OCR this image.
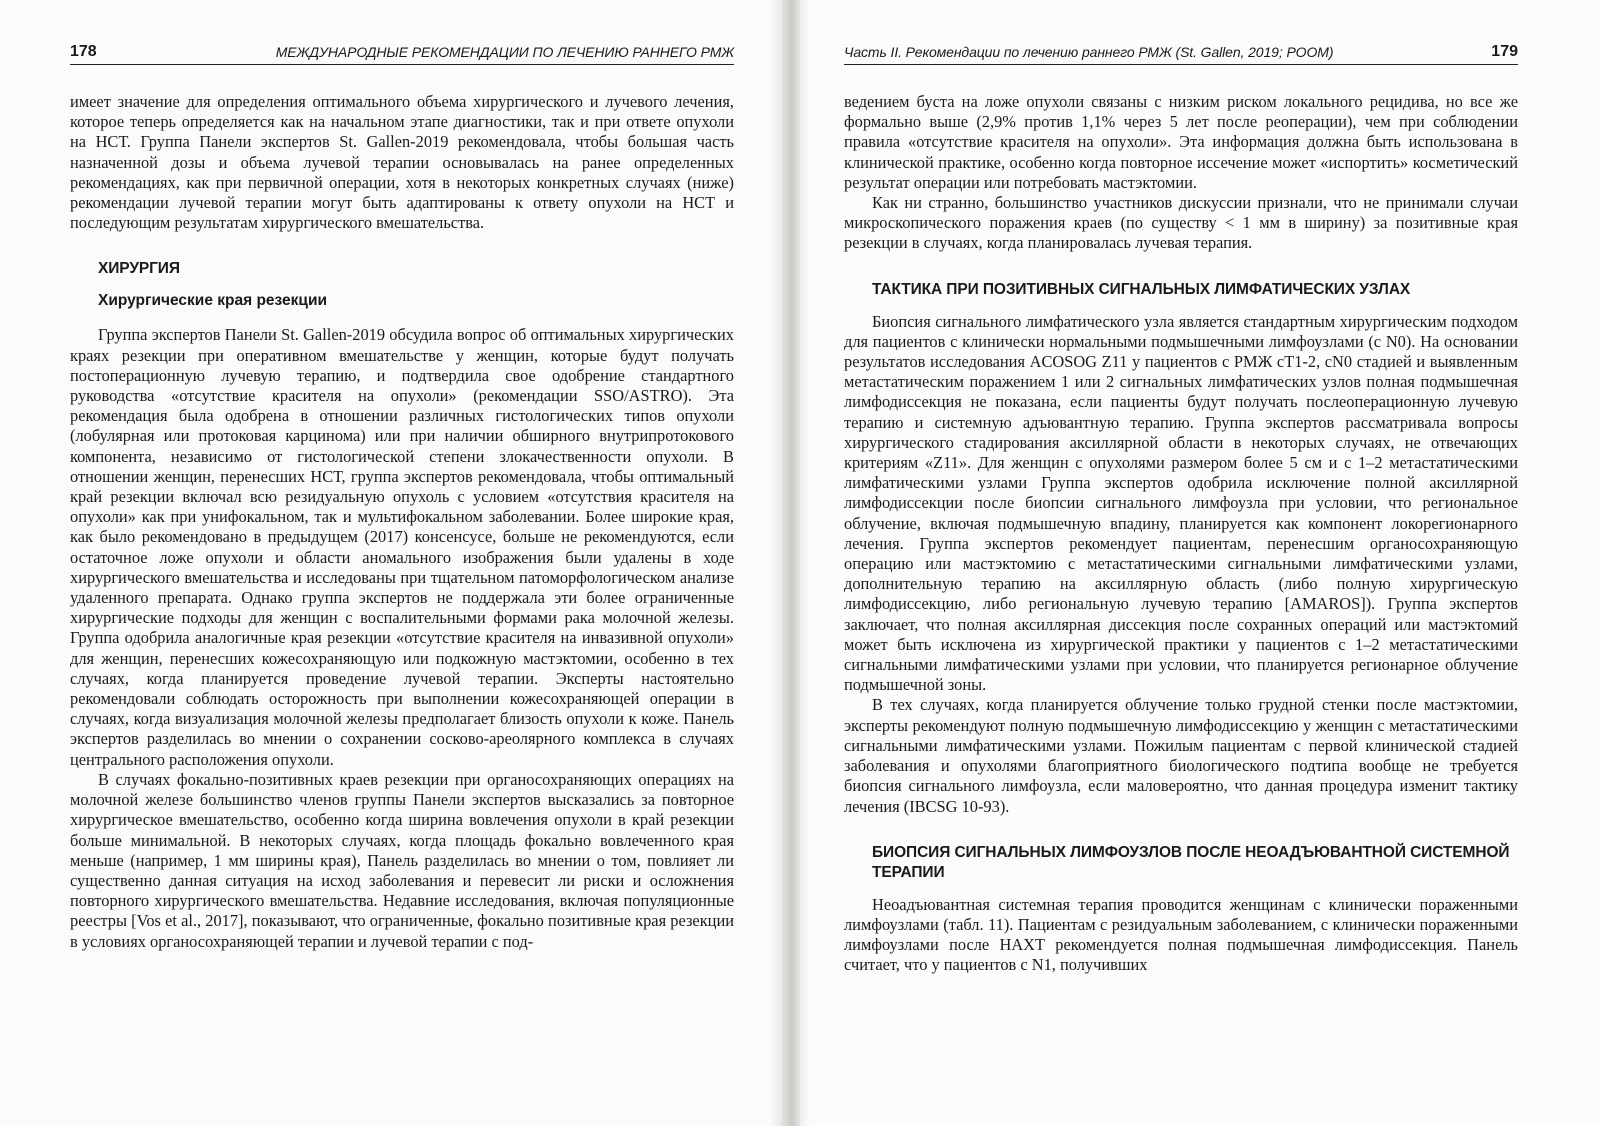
178	МЕЖДУНАРОДНЫЕ РЕКОМЕНДАЦИИ ПО ЛЕЧЕНИЮ РАННЕГО РМЖ

имеет значение для определения оптимального объема хирургического и лучевого лечения, которое теперь определяется как на начальном этапе диагностики, так и при ответе опухоли на НСТ. Группа Панели экспертов St. Gallen-2019 рекомендовала, чтобы большая часть назначенной дозы и объема лучевой терапии основывалась на ранее определенных рекомендациях, как при первичной операции, хотя в некоторых конкретных случаях (ниже) рекомендации лучевой терапии могут быть адаптированы к ответу опухоли на НСТ и последующим результатам хирургического вмешательства.

ХИРУРГИЯ
Хирургические края резекции

Группа экспертов Панели St. Gallen-2019 обсудила вопрос об оптимальных хирургических краях резекции при оперативном вмешательстве у женщин, которые будут получать постоперационную лучевую терапию, и подтвердила свое одобрение стандартного руководства «отсутствие красителя на опухоли» (рекомендации SSO/ASTRO). Эта рекомендация была одобрена в отношении различных гистологических типов опухоли (лобулярная или протоковая карцинома) или при наличии обширного внутрипротокового компонента, независимо от гистологической степени злокачественности опухоли. В отношении женщин, перенесших НСТ, группа экспертов рекомендовала, чтобы оптимальный край резекции включал всю резидуальную опухоль с условием «отсутствия красителя на опухоли» как при унифокальном, так и мультифокальном заболевании. Более широкие края, как было рекомендовано в предыдущем (2017) консенсусе, больше не рекомендуются, если остаточное ложе опухоли и области аномального изображения были удалены в ходе хирургического вмешательства и исследованы при тщательном патоморфологическом анализе удаленного препарата. Однако группа экспертов не поддержала эти более ограниченные хирургические подходы для женщин с воспалительными формами рака молочной железы. Группа одобрила аналогичные края резекции «отсутствие красителя на инвазивной опухоли» для женщин, перенесших кожесохраняющую или подкожную мастэктомии, особенно в тех случаях, когда планируется проведение лучевой терапии. Эксперты настоятельно рекомендовали соблюдать осторожность при выполнении кожесохраняющей операции в случаях, когда визуализация молочной железы предполагает близость опухоли к коже. Панель экспертов разделилась во мнении о сохранении сосково-ареолярного комплекса в случаях центрального расположения опухоли.

В случаях фокально-позитивных краев резекции при органосохраняющих операциях на молочной железе большинство членов группы Панели экспертов высказались за повторное хирургическое вмешательство, особенно когда ширина вовлечения опухоли в край резекции больше минимальной. В некоторых случаях, когда площадь фокально вовлеченного края меньше (например, 1 мм ширины края), Панель разделилась во мнении о том, повлияет ли существенно данная ситуация на исход заболевания и перевесит ли риски и осложнения повторного хирургического вмешательства. Недавние исследования, включая популяционные реестры [Vos et al., 2017], показывают, что ограниченные, фокально позитивные края резекции в условиях органосохраняющей терапии и лучевой терапии с под-

Часть II. Рекомендации по лечению раннего РМЖ (St. Gallen, 2019; РООМ)	179

ведением буста на ложе опухоли связаны с низким риском локального рецидива, но все же формально выше (2,9% против 1,1% через 5 лет после реоперации), чем при соблюдении правила «отсутствие красителя на опухоли». Эта информация должна быть использована в клинической практике, особенно когда повторное иссечение может «испортить» косметический результат операции или потребовать мастэктомии.

Как ни странно, большинство участников дискуссии признали, что не принимали случаи микроскопического поражения краев (по существу < 1 мм в ширину) за позитивные края резекции в случаях, когда планировалась лучевая терапия.

ТАКТИКА ПРИ ПОЗИТИВНЫХ СИГНАЛЬНЫХ ЛИМФАТИЧЕСКИХ УЗЛАХ

Биопсия сигнального лимфатического узла является стандартным хирургическим подходом для пациентов с клинически нормальными подмышечными лимфоузлами (с N0). На основании результатов исследования ACOSOG Z11 у пациентов с РМЖ сТ1-2, cN0 стадией и выявленным метастатическим поражением 1 или 2 сигнальных лимфатических узлов полная подмышечная лимфодиссекция не показана, если пациенты будут получать послеоперационную лучевую терапию и системную адъювантную терапию. Группа экспертов рассматривала вопросы хирургического стадирования аксиллярной области в некоторых случаях, не отвечающих критериям «Z11». Для женщин с опухолями размером более 5 см и с 1–2 метастатическими лимфатическими узлами Группа экспертов одобрила исключение полной аксиллярной лимфодиссекции после биопсии сигнального лимфоузла при условии, что региональное облучение, включая подмышечную впадину, планируется как компонент локорегионарного лечения. Группа экспертов рекомендует пациентам, перенесшим органосохраняющую операцию или мастэктомию с метастатическими сигнальными лимфатическими узлами, дополнительную терапию на аксиллярную область (либо полную хирургическую лимфодиссекцию, либо региональную лучевую терапию [AMAROS]). Группа экспертов заключает, что полная аксиллярная диссекция после сохранных операций или мастэктомий может быть исключена из хирургической практики у пациентов с 1–2 метастатическими сигнальными лимфатическими узлами при условии, что планируется регионарное облучение подмышечной зоны.

В тех случаях, когда планируется облучение только грудной стенки после мастэктомии, эксперты рекомендуют полную подмышечную лимфодиссекцию у женщин с метастатическими сигнальными лимфатическими узлами. Пожилым пациентам с первой клинической стадией заболевания и опухолями благоприятного биологического подтипа вообще не требуется биопсия сигнального лимфоузла, если маловероятно, что данная процедура изменит тактику лечения (IBCSG 10-93).

БИОПСИЯ СИГНАЛЬНЫХ ЛИМФОУЗЛОВ ПОСЛЕ НЕОАДЪЮВАНТНОЙ СИСТЕМНОЙ ТЕРАПИИ

Неоадъювантная системная терапия проводится женщинам с клинически пораженными лимфоузлами (табл. 11). Пациентам с резидуальным заболеванием, с клинически пораженными лимфоузлами после НАХТ рекомендуется полная подмышечная лимфодиссекция. Панель считает, что у пациентов с N1, получивших
